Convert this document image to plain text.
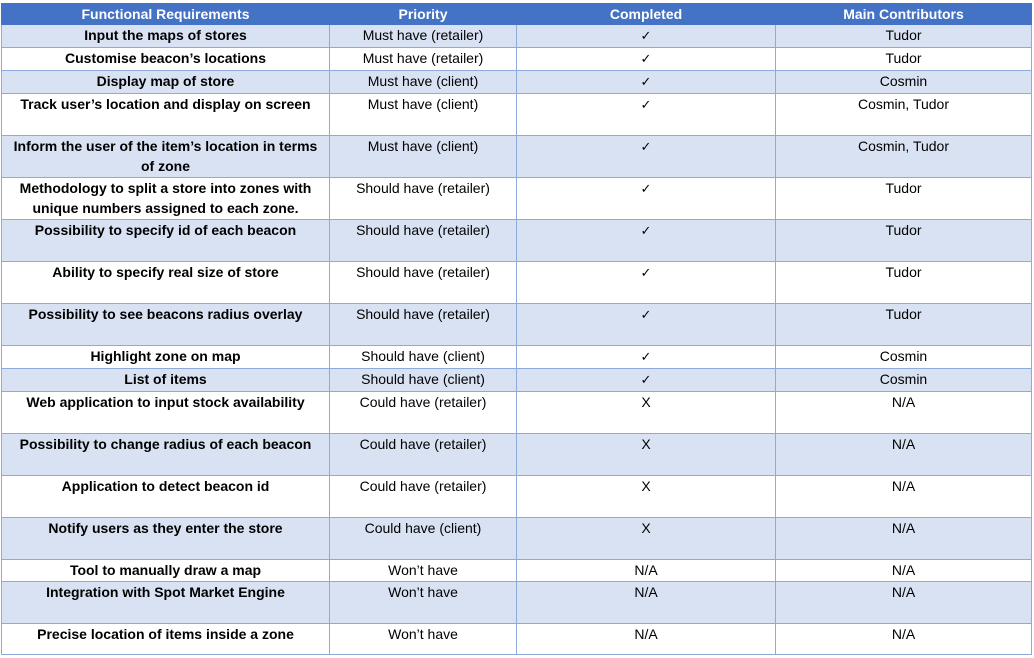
Functional Requirements	Priority	Completed	Main Contributors
Input the maps of stores	Must have (retailer)	✓	Tudor
Customise beacon’s locations	Must have (retailer)	✓	Tudor
Display map of store	Must have (client)	✓	Cosmin
Track user’s location and display on screen	Must have (client)	✓	Cosmin, Tudor
Inform the user of the item’s location in terms of zone	Must have (client)	✓	Cosmin, Tudor
Methodology to split a store into zones with unique numbers assigned to each zone.	Should have (retailer)	✓	Tudor
Possibility to specify id of each beacon	Should have (retailer)	✓	Tudor
Ability to specify real size of store	Should have (retailer)	✓	Tudor
Possibility to see beacons radius overlay	Should have (retailer)	✓	Tudor
Highlight zone on map	Should have (client)	✓	Cosmin
List of items	Should have (client)	✓	Cosmin
Web application to input stock availability	Could have (retailer)	X	N/A
Possibility to change radius of each beacon	Could have (retailer)	X	N/A
Application to detect beacon id	Could have (retailer)	X	N/A
Notify users as they enter the store	Could have (client)	X	N/A
Tool to manually draw a map	Won’t have	N/A	N/A
Integration with Spot Market Engine	Won’t have	N/A	N/A
Precise location of items inside a zone	Won’t have	N/A	N/A
